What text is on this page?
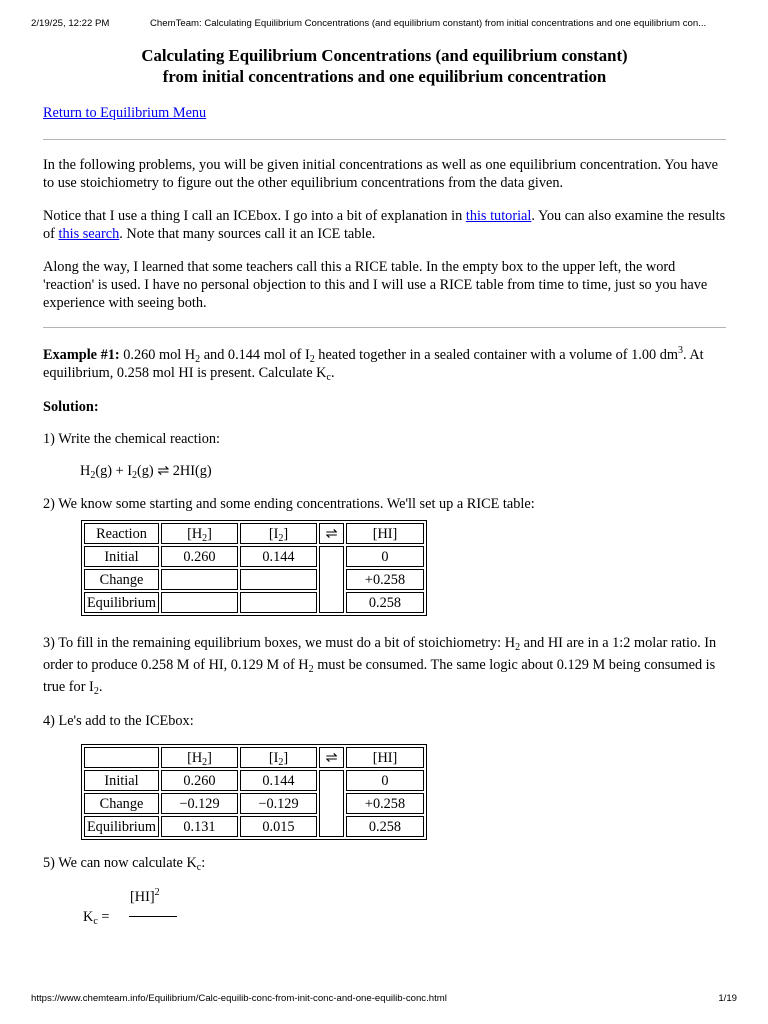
2/19/25, 12:22 PM	ChemTeam: Calculating Equilibrium Concentrations (and equilibrium constant) from initial concentrations and one equilibrium con...
Calculating Equilibrium Concentrations (and equilibrium constant)
from initial concentrations and one equilibrium concentration

Return to Equilibrium Menu

In the following problems, you will be given initial concentrations as well as one equilibrium concentration. You have to use stoichiometry to figure out the other equilibrium concentrations from the data given.

Notice that I use a thing I call an ICEbox. I go into a bit of explanation in this tutorial. You can also examine the results of this search. Note that many sources call it an ICE table.

Along the way, I learned that some teachers call this a RICE table. In the empty box to the upper left, the word 'reaction' is used. I have no personal objection to this and I will use a RICE table from time to time, just so you have experience with seeing both.

Example #1: 0.260 mol $H_2$ and 0.144 mol of $I_2$ heated together in a sealed container with a volume of 1.00 $dm^3$. At equilibrium, 0.258 mol HI is present. Calculate $K_c$.

Solution:

1) Write the chemical reaction:

$H_2(g) + I_2(g)$ ⇌ 2HI(g)

2) We know some starting and some ending concentrations. We'll set up a RICE table:

Reaction	$[H_2]$	$[I_2]$	⇌	[HI]
Initial	0.260	0.144		0
Change				+0.258
Equilibrium				0.258

3) To fill in the remaining equilibrium boxes, we must do a bit of stoichiometry: $H_2$ and HI are in a 1:2 molar ratio. In order to produce 0.258 M of HI, 0.129 M of $H_2$ must be consumed. The same logic about 0.129 M being consumed is true for $I_2$.

4) Le's add to the ICEbox:

	$[H_2]$	$[I_2]$	⇌	[HI]
Initial	0.260	0.144		0
Change	−0.129	−0.129		+0.258
Equilibrium	0.131	0.015		0.258

5) We can now calculate $K_c$:

[HI]$^2$
$K_c$ =
https://www.chemteam.info/Equilibrium/Calc-equilib-conc-from-init-conc-and-one-equilib-conc.html	1/19
